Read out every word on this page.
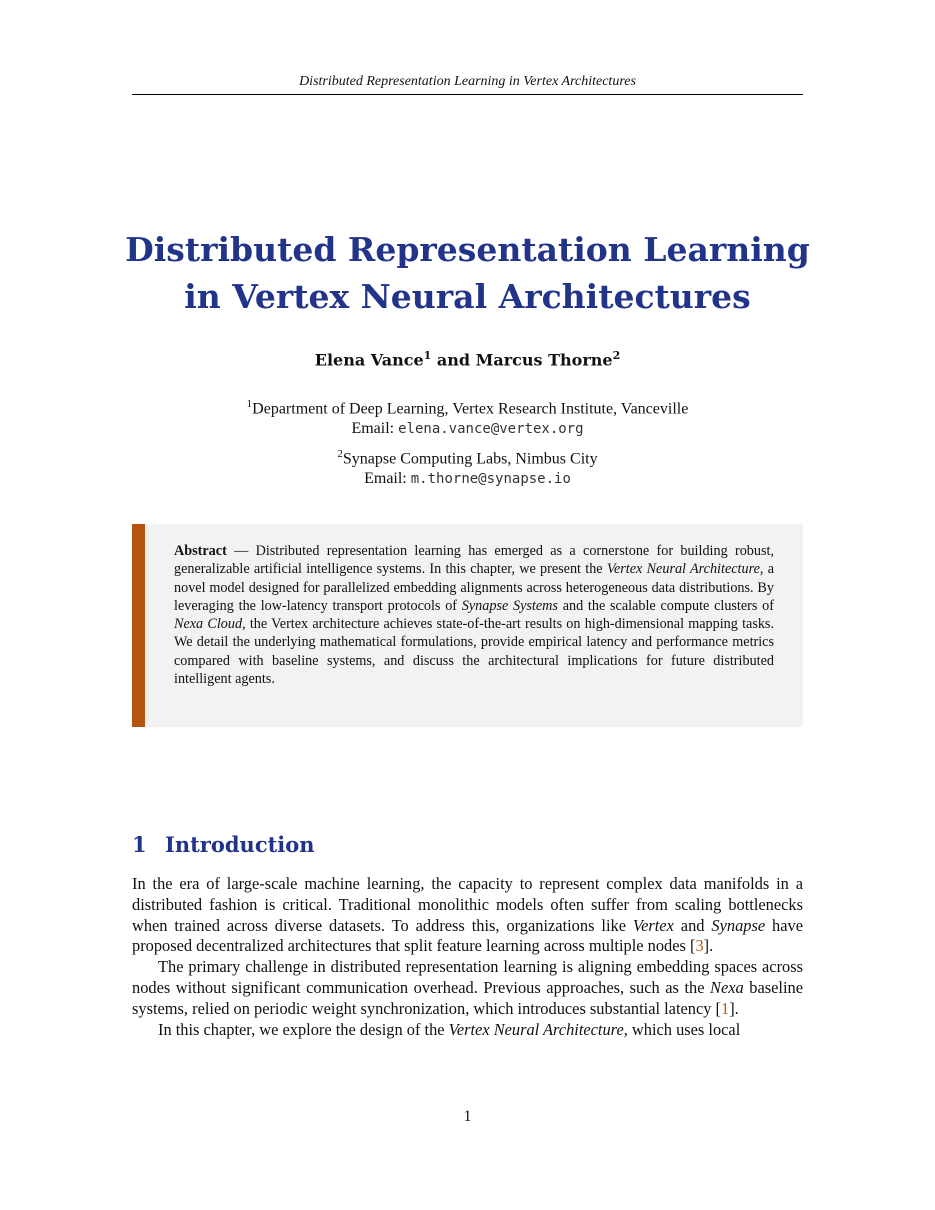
Distributed Representation Learning in Vertex Architectures
Distributed Representation Learning
in Vertex Neural Architectures
Elena Vance$^1$ and Marcus Thorne$^2$
$^1$Department of Deep Learning, Vertex Research Institute, Vanceville
Email: elena.vance@vertex.org
$^2$Synapse Computing Labs, Nimbus City
Email: m.thorne@synapse.io
Abstract — Distributed representation learning has emerged as a cornerstone for building robust, generalizable artificial intelligence systems. In this chapter, we present the Vertex Neural Architecture, a novel model designed for parallelized embedding alignments across heterogeneous data distributions. By leveraging the low-latency transport protocols of Synapse Systems and the scalable compute clusters of Nexa Cloud, the Vertex architecture achieves state-of-the-art results on high-dimensional mapping tasks. We detail the underlying mathematical formulations, provide empirical latency and performance metrics compared with baseline systems, and discuss the architectural implications for future distributed intelligent agents.
1 Introduction

In the era of large-scale machine learning, the capacity to represent complex data manifolds in a distributed fashion is critical. Traditional monolithic models often suffer from scaling bottlenecks when trained across diverse datasets. To address this, organizations like Vertex and Synapse have proposed decentralized architectures that split feature learning across multiple nodes [3].

The primary challenge in distributed representation learning is aligning embedding spaces across nodes without significant communication overhead. Previous approaches, such as the Nexa baseline systems, relied on periodic weight synchronization, which introduces substantial latency [1].

In this chapter, we explore the design of the Vertex Neural Architecture, which uses local

1
